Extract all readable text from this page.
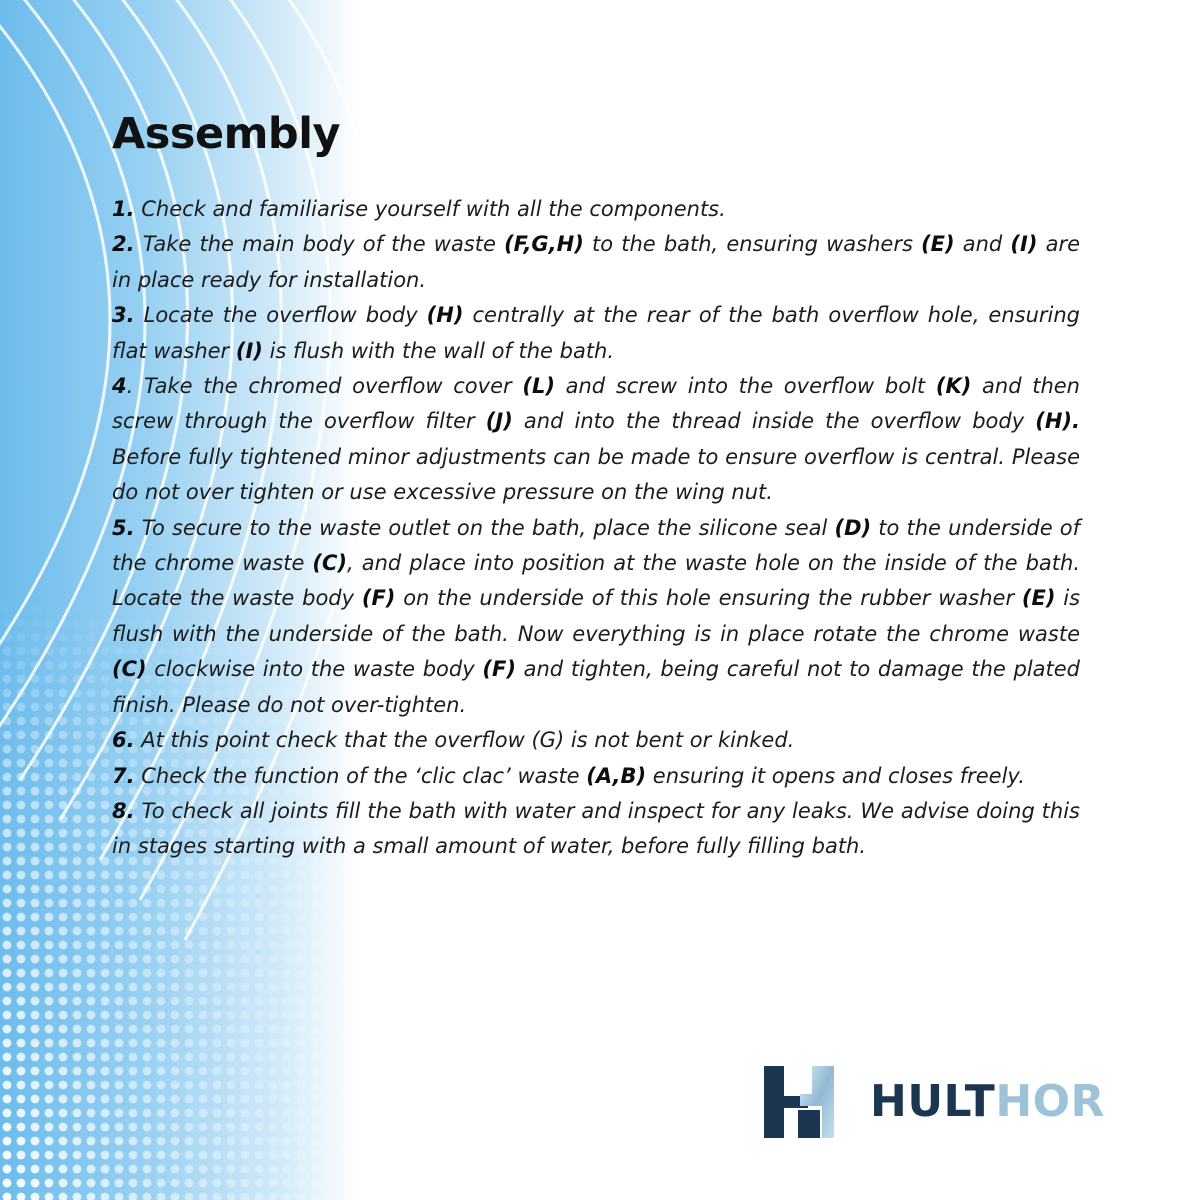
Assembly

1. Check and familiarise yourself with all the components.

2. Take the main body of the waste (F,G,H) to the bath, ensuring washers (E) and (I) are in place ready for installation.

3. Locate the overflow body (H) centrally at the rear of the bath overflow hole, ensuring flat washer (I) is flush with the wall of the bath.

4. Take the chromed overflow cover (L) and screw into the overflow bolt (K) and then screw through the overflow filter (J) and into the thread inside the overflow body (H). Before fully tightened minor adjustments can be made to ensure overflow is central. Please do not over tighten or use excessive pressure on the wing nut.

5. To secure to the waste outlet on the bath, place the silicone seal (D) to the underside of the chrome waste (C), and place into position at the waste hole on the inside of the bath. Locate the waste body (F) on the underside of this hole ensuring the rubber washer (E) is flush with the underside of the bath. Now everything is in place rotate the chrome waste (C) clockwise into the waste body (F) and tighten, being careful not to damage the plated finish. Please do not over-tighten.

6. At this point check that the overflow (G) is not bent or kinked.

7. Check the function of the ‘clic clac’ waste (A,B) ensuring it opens and closes freely.

8. To check all joints fill the bath with water and inspect for any leaks. We advise doing this in stages starting with a small amount of water, before fully filling bath.

HULTHOR
